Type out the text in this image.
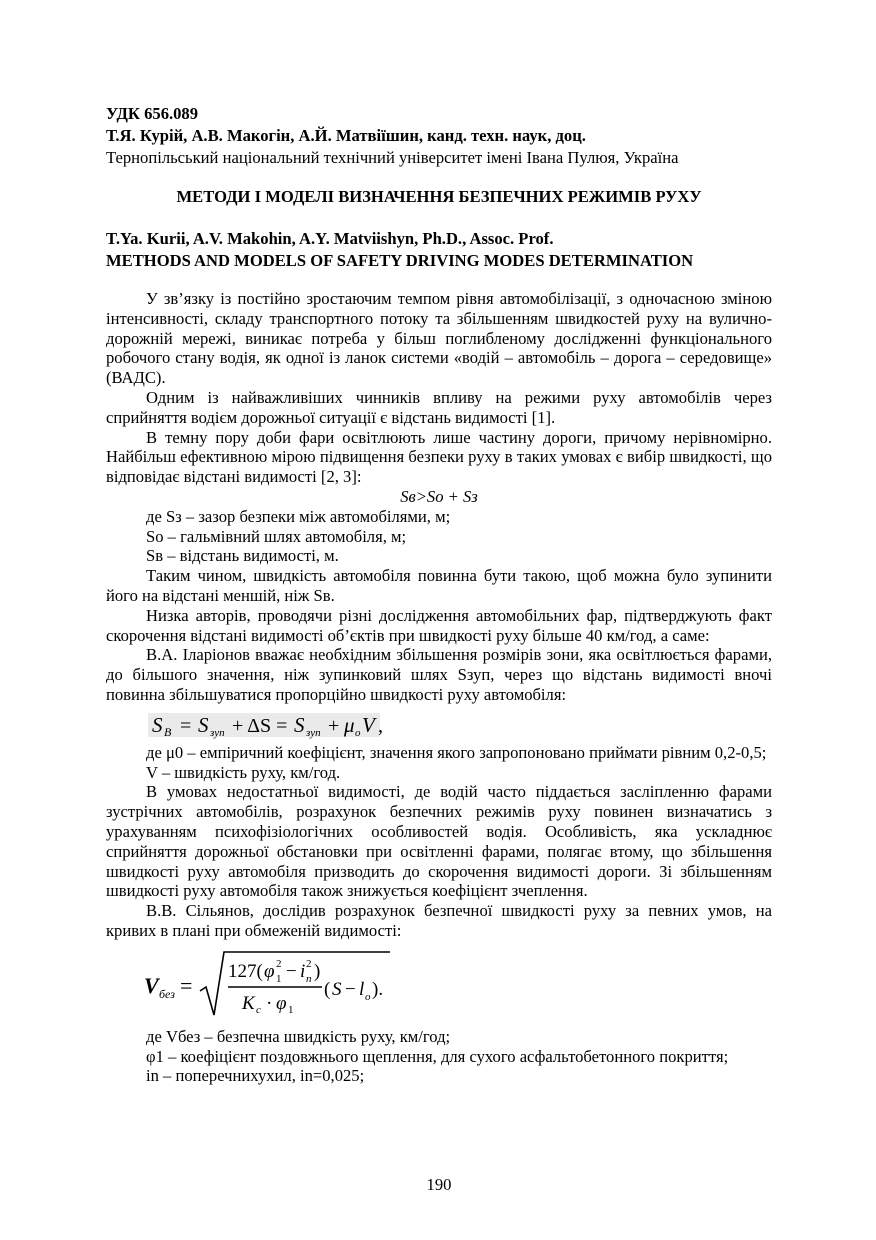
УДК 656.089
Т.Я. Курій, А.В. Макогін, А.Й. Матвіїшин, канд. техн. наук, доц.
Тернопільський національний технічний університет імені Івана Пулюя, Україна
МЕТОДИ І МОДЕЛІ ВИЗНАЧЕННЯ БЕЗПЕЧНИХ РЕЖИМІВ РУХУ
T.Ya. Kurii, A.V. Makohin, A.Y. Matviishyn, Ph.D., Assoc. Prof.
METHODS AND MODELS OF SAFETY DRIVING MODES DETERMINATION

У зв’язку із постійно зростаючим темпом рівня автомобілізації, з одночасною зміною інтенсивності, складу транспортного потоку та збільшенням швидкостей руху на вулично-дорожній мережі, виникає потреба у більш поглибленому дослідженні функціонального робочого стану водія, як одної із ланок системи «водій – автомобіль – дорога – середовище» (ВАДС).

Одним із найважливіших чинників впливу на режими руху автомобілів через сприйняття водієм дорожньої ситуації є відстань видимості [1].

В темну пору доби фари освітлюють лише частину дороги, причому нерівномірно. Найбільш ефективною мірою підвищення безпеки руху в таких умовах є вибір швидкості, що відповідає відстані видимості [2, 3]:

Sв>Sо + Sз

де Sз – зазор безпеки між автомобілями, м;

Sо – гальмівний шлях автомобіля, м;

Sв – відстань видимості, м.

Таким чином, швидкість автомобіля повинна бути такою, щоб можна було зупинити його на відстані меншій, ніж Sв.

Низка авторів, проводячи різні дослідження автомобільних фар, підтверджують факт скорочення відстані видимості об’єктів при швидкості руху більше 40 км/год, а саме:

В.А. Іларіонов вважає необхідним збільшення розмірів зони, яка освітлюється фарами, до більшого значення, ніж зупинковий шлях Sзуп, через що відстань видимості вночі повинна збільшуватися пропорційно швидкості руху автомобіля:

S B = S зуп + ΔS = S зуп + μ o V ,

де μ0 – емпіричний коефіцієнт, значення якого запропоновано приймати рівним 0,2-0,5;

V – швидкість руху, км/год.

В умовах недостатньої видимості, де водій часто піддається засліпленню фарами зустрічних автомобілів, розрахунок безпечних режимів руху повинен визначатись з урахуванням психофізіологічних особливостей водія. Особливість, яка ускладнює сприйняття дорожньої обстановки при освітленні фарами, полягає втому, що збільшення швидкості руху автомобіля призводить до скорочення видимості дороги. Зі збільшенням швидкості руху автомобіля також знижується коефіцієнт зчеплення.

В.В. Сільянов, дослідив розрахунок безпечної швидкості руху за певних умов, на кривих в плані при обмеженій видимості:

V без =
127( φ 1
2 − i п
2 )
K с · φ 1
( S − l o ).

де Vбез – безпечна швидкість руху, км/год;

φ1 – коефіцієнт поздовжнього щеплення, для сухого асфальтобетонного покриття;

in – поперечнихухил, in=0,025;

190
